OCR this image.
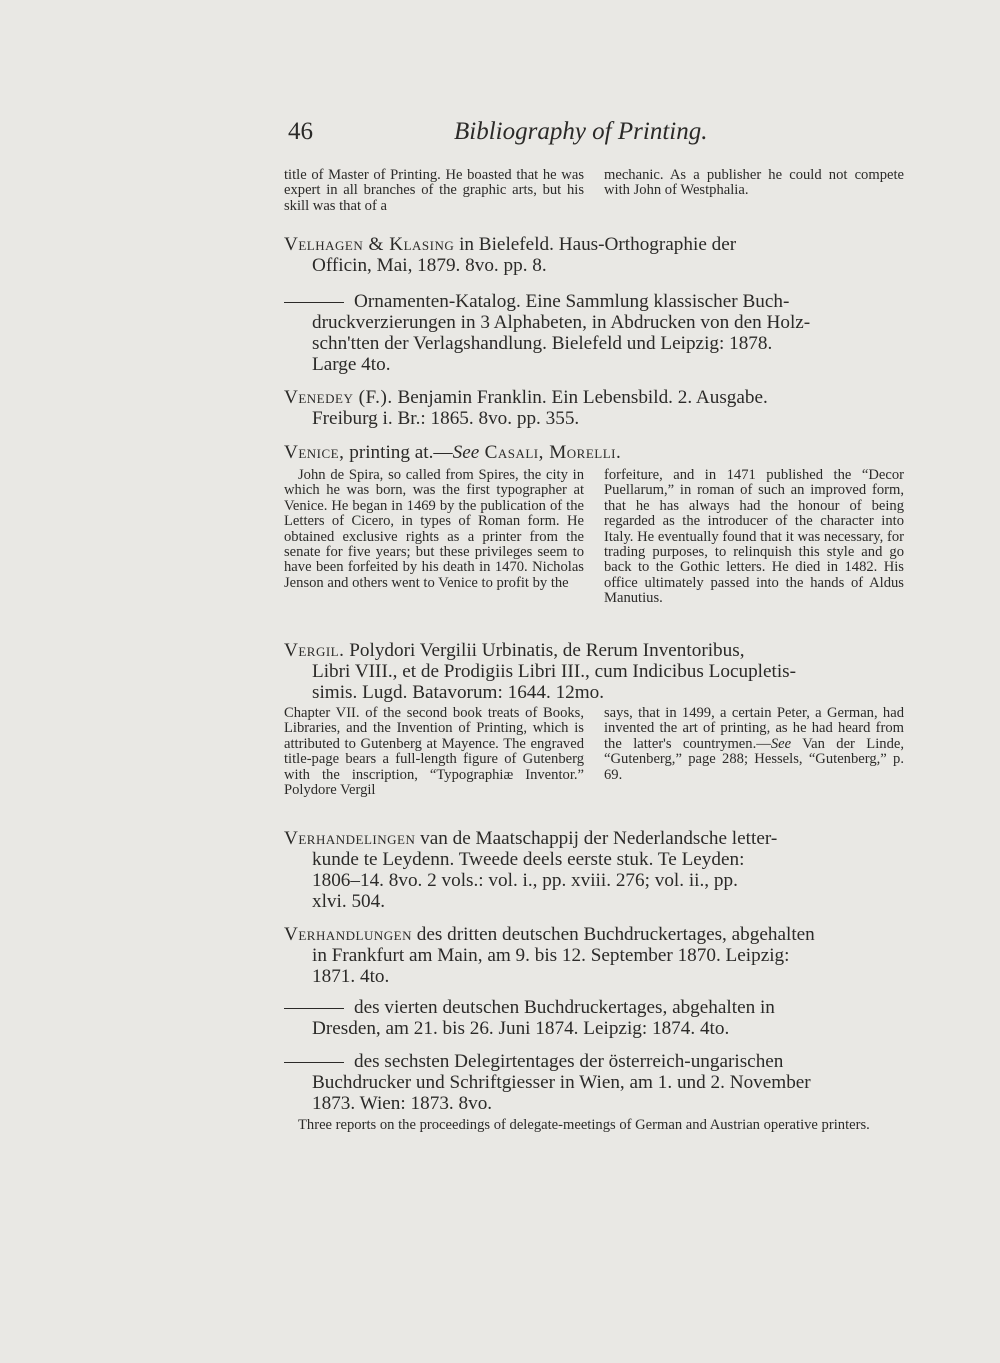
46	Bibliography of Printing.
title of Master of Printing. He boasted that he was expert in all branches of the graphic arts, but his skill was that of a
mechanic. As a publisher he could not compete with John of Westphalia.
Velhagen & Klasing in Bielefeld. Haus-Orthographie der
Officin, Mai, 1879. 8vo. pp. 8.
Ornamenten-Katalog. Eine Sammlung klassischer Buch-
druckverzierungen in 3 Alphabeten, in Abdrucken von den Holz-
schn'tten der Verlagshandlung. Bielefeld und Leipzig: 1878.
Large 4to.
Venedey (F.). Benjamin Franklin. Ein Lebensbild. 2. Ausgabe.
Freiburg i. Br.: 1865. 8vo. pp. 355.
Venice, printing at.—See Casali, Morelli.
John de Spira, so called from Spires, the city in which he was born, was the first typographer at Venice. He began in 1469 by the publication of the Letters of Cicero, in types of Roman form. He obtained exclusive rights as a printer from the senate for five years; but these privileges seem to have been forfeited by his death in 1470. Nicholas Jenson and others went to Venice to profit by the
forfeiture, and in 1471 published the “Decor Puellarum,” in roman of such an improved form, that he has always had the honour of being regarded as the introducer of the character into Italy. He eventually found that it was necessary, for trading purposes, to relinquish this style and go back to the Gothic letters. He died in 1482. His office ultimately passed into the hands of Aldus Manutius.
Vergil. Polydori Vergilii Urbinatis, de Rerum Inventoribus,
Libri VIII., et de Prodigiis Libri III., cum Indicibus Locupletis-
simis. Lugd. Batavorum: 1644. 12mo.
Chapter VII. of the second book treats of Books, Libraries, and the Invention of Printing, which is attributed to Gutenberg at Mayence. The engraved title-page bears a full-length figure of Gutenberg with the inscription, “Typographiæ Inventor.” Polydore Vergil
says, that in 1499, a certain Peter, a German, had invented the art of printing, as he had heard from the latter's countrymen.—See Van der Linde, “Gutenberg,” page 288; Hessels, “Gutenberg,” p. 69.
Verhandelingen van de Maatschappij der Nederlandsche letter-
kunde te Leydenn. Tweede deels eerste stuk. Te Leyden:
1806–14. 8vo. 2 vols.: vol. i., pp. xviii. 276; vol. ii., pp.
xlvi. 504.
Verhandlungen des dritten deutschen Buchdruckertages, abgehalten
in Frankfurt am Main, am 9. bis 12. September 1870. Leipzig:
1871. 4to.
des vierten deutschen Buchdruckertages, abgehalten in
Dresden, am 21. bis 26. Juni 1874. Leipzig: 1874. 4to.
des sechsten Delegirtentages der österreich-ungarischen
Buchdrucker und Schriftgiesser in Wien, am 1. und 2. November
1873. Wien: 1873. 8vo.
Three reports on the proceedings of delegate-meetings of German and Austrian operative printers.
